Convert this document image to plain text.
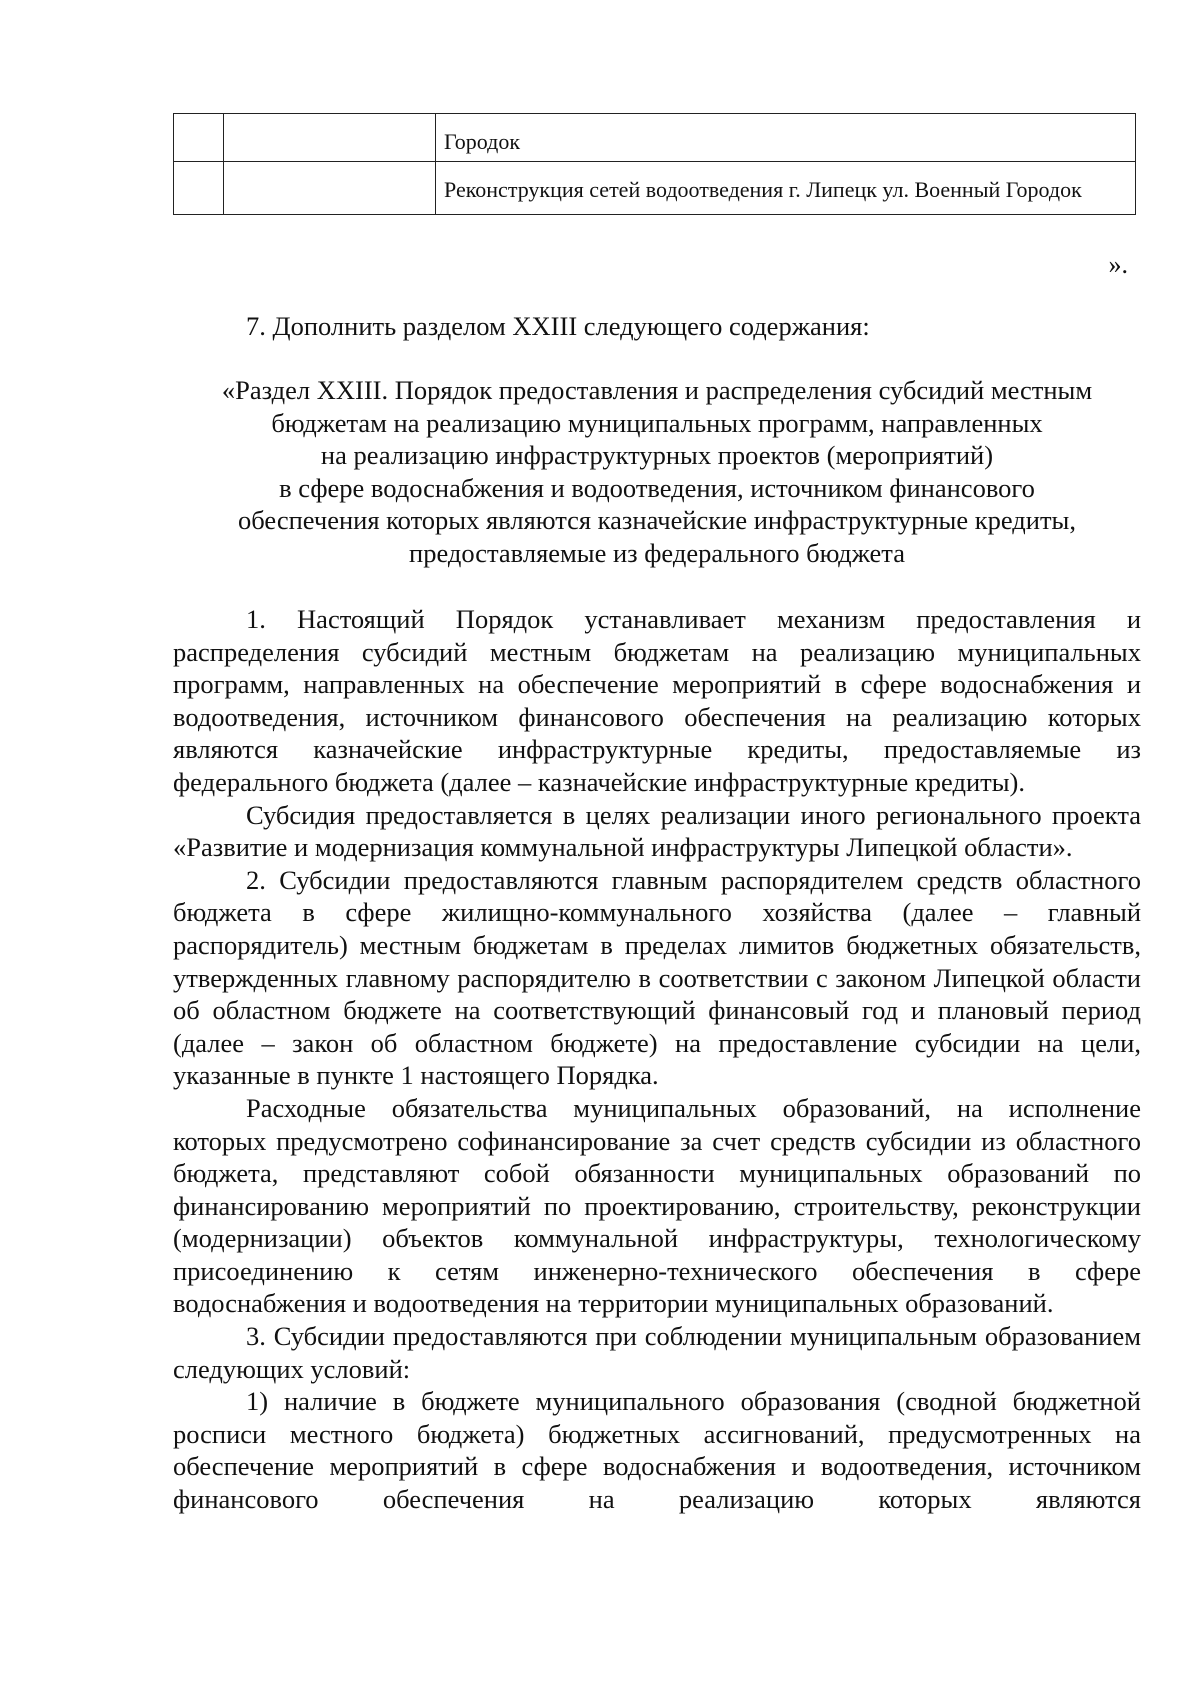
		Городок
		Реконструкция сетей водоотведения г. Липецк ул. Военный Городок
».

7. Дополнить разделом XXIII следующего содержания:

«Раздел XXIII. Порядок предоставления и распределения субсидий местным

бюджетам на реализацию муниципальных программ, направленных

на реализацию инфраструктурных проектов (мероприятий)

в сфере водоснабжения и водоотведения, источником финансового

обеспечения которых являются казначейские инфраструктурные кредиты,

предоставляемые из федерального бюджета

1. Настоящий Порядок устанавливает механизм предоставления и распределения субсидий местным бюджетам на реализацию муниципальных программ, направленных на обеспечение мероприятий в сфере водоснабжения и водоотведения, источником финансового обеспечения на реализацию которых являются казначейские инфраструктурные кредиты, предоставляемые из федерального бюджета (далее – казначейские инфраструктурные кредиты).

Субсидия предоставляется в целях реализации иного регионального проекта «Развитие и модернизация коммунальной инфраструктуры Липецкой области».

2. Субсидии предоставляются главным распорядителем средств областного бюджета в сфере жилищно-коммунального хозяйства (далее – главный распорядитель) местным бюджетам в пределах лимитов бюджетных обязательств, утвержденных главному распорядителю в соответствии с законом Липецкой области об областном бюджете на соответствующий финансовый год и плановый период (далее – закон об областном бюджете) на предоставление субсидии на цели, указанные в пункте 1 настоящего Порядка.

Расходные обязательства муниципальных образований, на исполнение которых предусмотрено софинансирование за счет средств субсидии из областного бюджета, представляют собой обязанности муниципальных образований по финансированию мероприятий по проектированию, строительству, реконструкции (модернизации) объектов коммунальной инфраструктуры, технологическому присоединению к сетям инженерно-технического обеспечения в сфере водоснабжения и водоотведения на территории муниципальных образований.

3. Субсидии предоставляются при соблюдении муниципальным образованием следующих условий:

1) наличие в бюджете муниципального образования (сводной бюджетной росписи местного бюджета) бюджетных ассигнований, предусмотренных на обеспечение мероприятий в сфере водоснабжения и водоотведения, источником финансового обеспечения на реализацию которых являются
